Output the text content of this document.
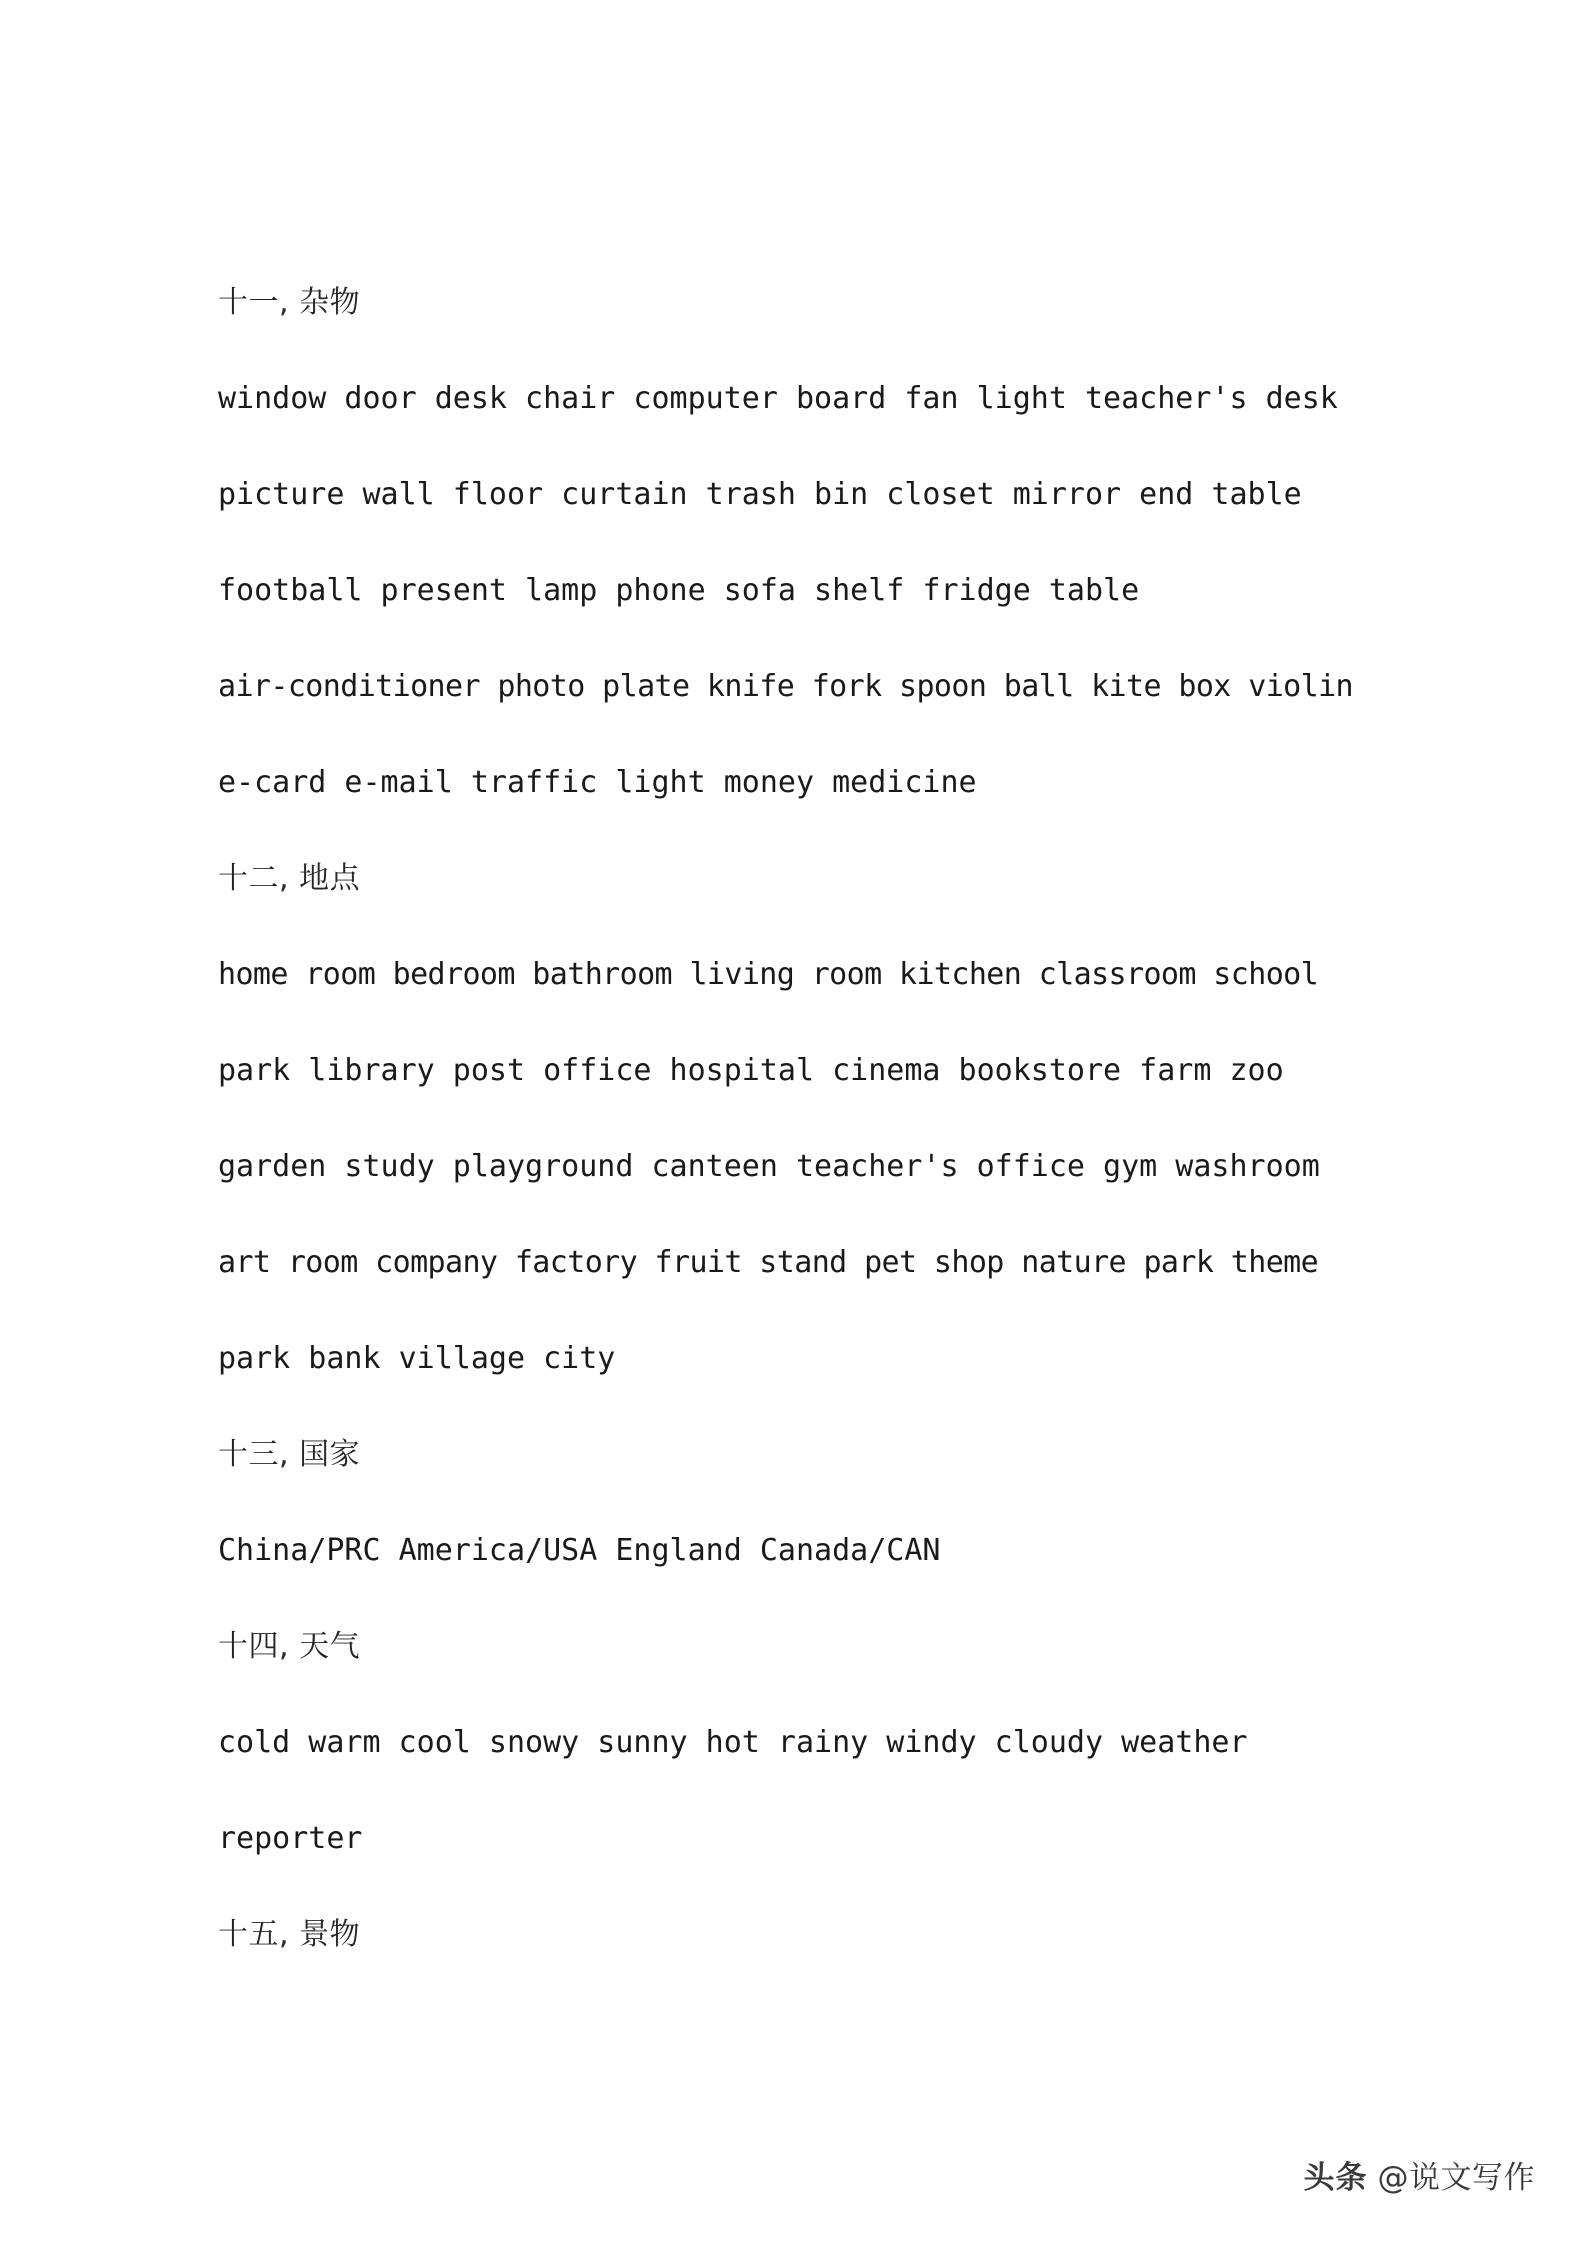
十一, 杂物
window door desk chair computer board fan light teacher's desk
picture wall floor curtain trash bin closet mirror end table
football present lamp phone sofa shelf fridge table
air-conditioner photo plate knife fork spoon ball kite box violin
e-card e-mail traffic light money medicine
十二, 地点
home room bedroom bathroom living room kitchen classroom school
park library post office hospital cinema bookstore farm zoo
garden study playground canteen teacher's office gym washroom
art room company factory fruit stand pet shop nature park theme
park bank village city
十三, 国家
China/PRC America/USA England Canada/CAN
十四, 天气
cold warm cool snowy sunny hot rainy windy cloudy weather
reporter
十五, 景物
头条 @说文写作
